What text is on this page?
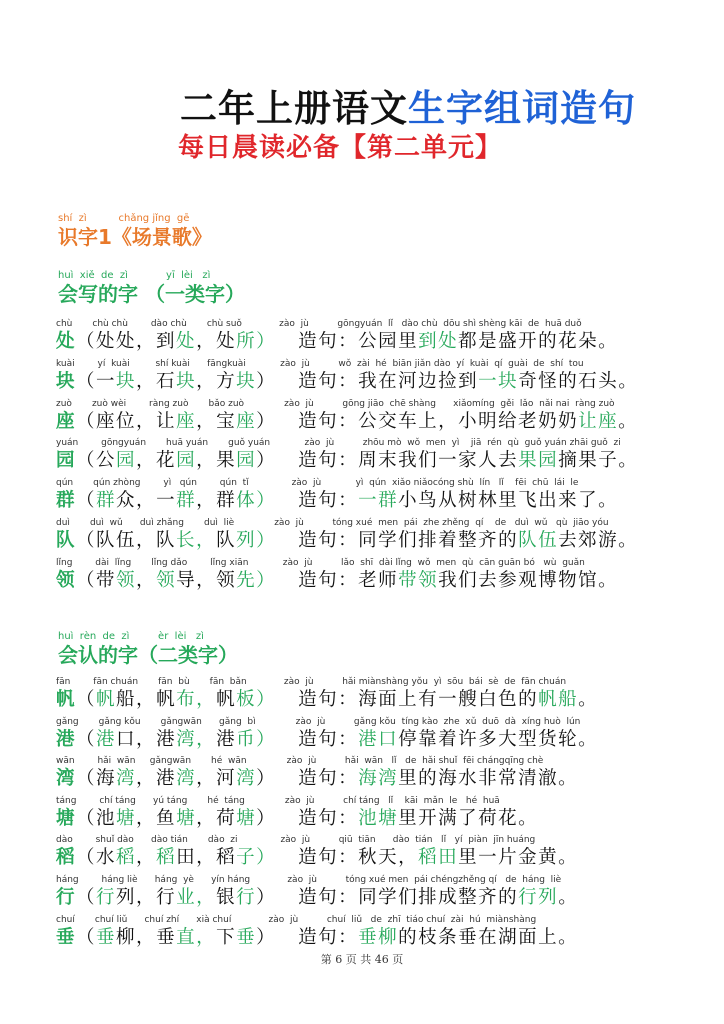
二年上册语文生字组词造句
每日晨读必备【第二单元】
shí  zì          chǎng jǐng  gē
识字1《场景歌》
huì  xiě  de  zì            yī  lèi   zì
会写的字 （一类字）
chù       chù chù        dào chù       chù suǒ             zào  jù          gōngyuán  lǐ   dào chù  dōu shì shèng kāi  de  huā duǒ
处（处处，到处，处所） 造句：公园里到处都是盛开的花朵。
kuài        yí  kuài         shí kuài      fāngkuài            zào  jù          wǒ  zài  hé  biān jiǎn dào  yí  kuài  qí  guài  de  shí  tou
块（一块，石块，方块） 造句：我在河边捡到一块奇怪的石头。
zuò       zuò wèi        ràng zuò       bǎo zuò              zào  jù          gōng jiāo  chē shàng      xiǎomíng  gěi  lǎo  nǎi nai  ràng zuò
座（座位，让座，宝座） 造句：公交车上，小明给老奶奶让座。
yuán        gōngyuán       huā yuán       guǒ yuán            zào  jù          zhōu mò  wǒ  men  yì    jiā  rén  qù  guǒ yuán zhāi guǒ  zi
园（公园，花园，果园） 造句：周末我们一家人去果园摘果子。
qún       qún zhòng        yì   qún        qún  tǐ               zào  jù            yì  qún  xiǎo niǎocóng shù  lín   lǐ    fēi  chū  lái  le
群（群众，一群，群体） 造句：一群小鸟从树林里飞出来了。
duì       duì  wǔ      duì zhǎng       duì  liè              zào  jù          tóng xué  men  pái  zhe zhěng  qí    de   duì  wǔ   qù  jiāo yóu
队（队伍，队长，队列） 造句：同学们排着整齐的队伍去郊游。
lǐng        dài  lǐng       lǐng dǎo        lǐng xiān            zào  jù          lǎo  shī  dài lǐng  wǒ  men  qù  cān guān bó   wù  guǎn
领（带领，领导，领先） 造句：老师带领我们去参观博物馆。
huì  rèn  de  zì         èr  lèi   zì
会认的字（二类字）
fān        fān chuán       fān  bù       fān  bǎn             zào  jù          hǎi miànshàng yǒu  yì  sōu  bái  sè  de  fān chuán
帆（帆船，帆布，帆板） 造句：海面上有一艘白色的帆船。
gǎng       gǎng kǒu       gǎngwān      gǎng  bì              zào  jù          gǎng kǒu  tíng kào  zhe  xǔ  duō  dà  xíng huò  lún
港（港口，港湾，港币） 造句：港口停靠着许多大型货轮。
wān        hǎi  wān     gǎngwān       hé  wān              zào  jù          hǎi  wān   lǐ   de  hǎi shuǐ  fēi chángqīng chè
湾（海湾，港湾，河湾） 造句：海湾里的海水非常清澈。
táng        chí táng      yú táng       hé  táng              zào  jù          chí táng   lǐ    kāi  mǎn  le   hé  huā
塘（池塘，鱼塘，荷塘） 造句：池塘里开满了荷花。
dào        shuǐ dào      dào tián       dào  zi               zào  jù          qiū  tiān      dào  tián   lǐ   yí  piàn  jīn huáng
稻（水稻，稻田，稻子） 造句：秋天，稻田里一片金黄。
háng        háng liè      háng  yè      yín háng             zào  jù          tóng xué men  pái chéngzhěng qí   de  háng  liè
行（行列，行业，银行） 造句：同学们排成整齐的行列。
chuí       chuí liǔ      chuí zhí      xià chuí             zào  jù          chuí  liǔ   de  zhī  tiáo chuí  zài  hú  miànshàng
垂（垂柳，垂直，下垂） 造句：垂柳的枝条垂在湖面上。
第 6 页 共 46 页
